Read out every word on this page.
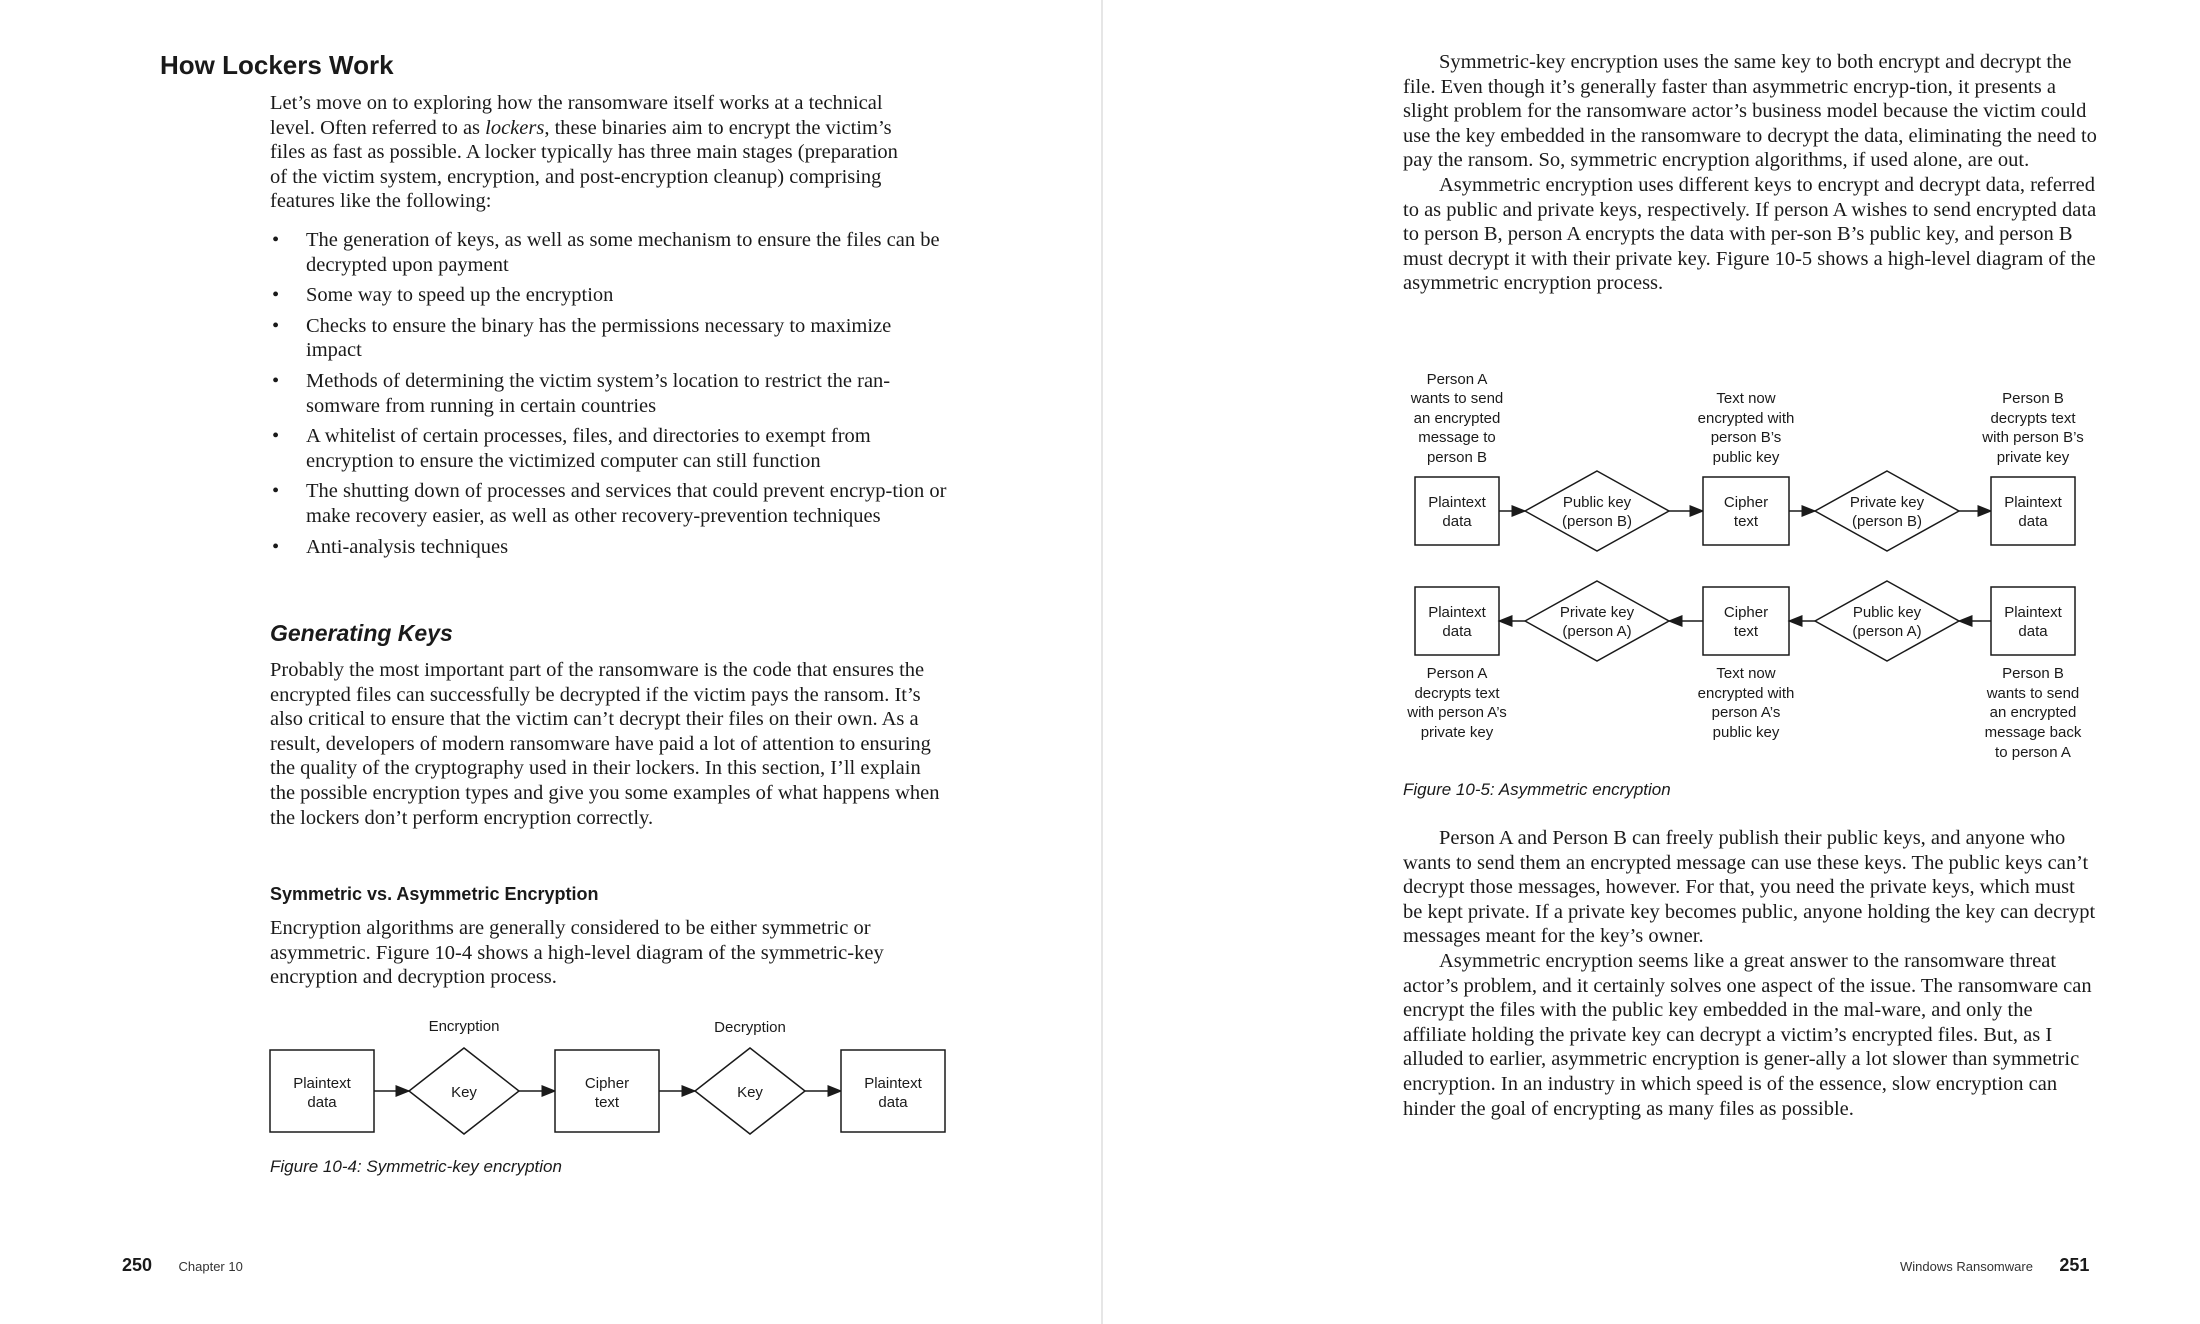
How Lockers Work
Let’s move on to exploring how the ransomware itself works at a technical
level. Often referred to as lockers, these binaries aim to encrypt the victim’s
files as fast as possible. A locker typically has three main stages (preparation
of the victim system, encryption, and post-encryption cleanup) comprising
features like the following:
• The generation of keys, as well as some mechanism to ensure the files can be decrypted upon payment
• Some way to speed up the encryption
• Checks to ensure the binary has the permissions necessary to maximize impact
• Methods of determining the victim system’s location to restrict the ran-somware from running in certain countries
• A whitelist of certain processes, files, and directories to exempt from encryption to ensure the victimized computer can still function
• The shutting down of processes and services that could prevent encryp-tion or make recovery easier, as well as other recovery-prevention techniques
• Anti-analysis techniques
Generating Keys
Probably the most important part of the ransomware is the code that ensures the encrypted files can successfully be decrypted if the victim pays the ransom. It’s also critical to ensure that the victim can’t decrypt their files on their own. As a result, developers of modern ransomware have paid a lot of attention to ensuring the quality of the cryptography used in their lockers. In this section, I’ll explain the possible encryption types and give you some examples of what happens when the lockers don’t perform encryption correctly.
Symmetric vs. Asymmetric Encryption
Encryption algorithms are generally considered to be either symmetric or asymmetric. Figure 10-4 shows a high-level diagram of the symmetric-key encryption and decryption process.
Encryption	Decryption
Plaintext
data
Key
Cipher
text
Key
Plaintext
data
Figure 10-4: Symmetric-key encryption
250 Chapter 10

Symmetric-key encryption uses the same key to both encrypt and decrypt the file. Even though it’s generally faster than asymmetric encryp-tion, it presents a slight problem for the ransomware actor’s business model because the victim could use the key embedded in the ransomware to decrypt the data, eliminating the need to pay the ransom. So, symmetric encryption algorithms, if used alone, are out.

Asymmetric encryption uses different keys to encrypt and decrypt data, referred to as public and private keys, respectively. If person A wishes to send encrypted data to person B, person A encrypts the data with per-son B’s public key, and person B must decrypt it with their private key. Figure 10-5 shows a high-level diagram of the asymmetric encryption process.

Person A
wants to send
an encrypted
message to
person B
Text now
encrypted with
person B’s
public key
Person B
decrypts text
with person B’s
private key
Plaintext
data
Public key
(person B)
Cipher
text
Private key
(person B)
Plaintext
data
Plaintext
data
Private key
(person A)
Cipher
text
Public key
(person A)
Plaintext
data
Person A
decrypts text
with person A’s
private key
Text now
encrypted with
person A’s
public key
Person B
wants to send
an encrypted
message back
to person A
Figure 10-5: Asymmetric encryption

Person A and Person B can freely publish their public keys, and anyone who wants to send them an encrypted message can use these keys. The public keys can’t decrypt those messages, however. For that, you need the private keys, which must be kept private. If a private key becomes public, anyone holding the key can decrypt messages meant for the key’s owner.

Asymmetric encryption seems like a great answer to the ransomware threat actor’s problem, and it certainly solves one aspect of the issue. The ransomware can encrypt the files with the public key embedded in the mal-ware, and only the affiliate holding the private key can decrypt a victim’s encrypted files. But, as I alluded to earlier, asymmetric encryption is gener-ally a lot slower than symmetric encryption. In an industry in which speed is of the essence, slow encryption can hinder the goal of encrypting as many files as possible.

Windows Ransomware 251
